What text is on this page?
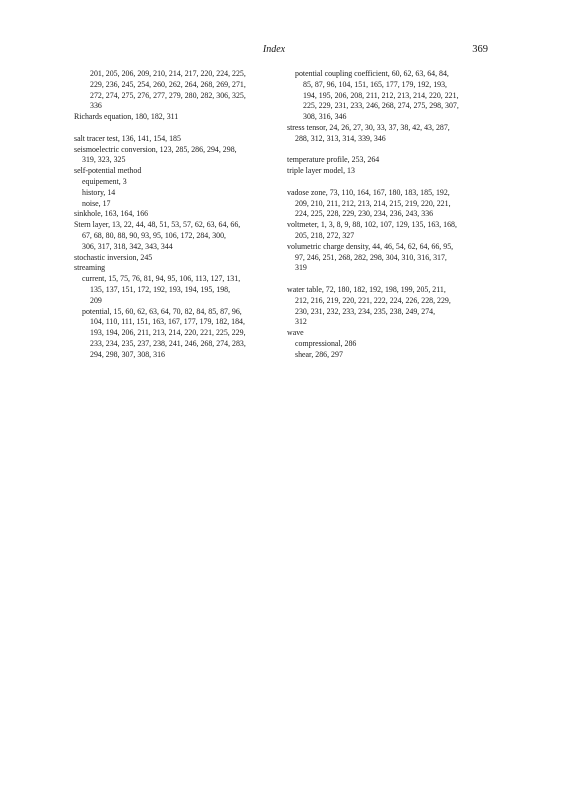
Index	369
201, 205, 206, 209, 210, 214, 217, 220, 224, 225,
229, 236, 245, 254, 260, 262, 264, 268, 269, 271,
272, 274, 275, 276, 277, 279, 280, 282, 306, 325,
336
Richards equation, 180, 182, 311
salt tracer test, 136, 141, 154, 185
seismoelectric conversion, 123, 285, 286, 294, 298,
319, 323, 325
self-potential method
equipement, 3
history, 14
noise, 17
sinkhole, 163, 164, 166
Stern layer, 13, 22, 44, 48, 51, 53, 57, 62, 63, 64, 66,
67, 68, 80, 88, 90, 93, 95, 106, 172, 284, 300,
306, 317, 318, 342, 343, 344
stochastic inversion, 245
streaming
current, 15, 75, 76, 81, 94, 95, 106, 113, 127, 131,
135, 137, 151, 172, 192, 193, 194, 195, 198,
209
potential, 15, 60, 62, 63, 64, 70, 82, 84, 85, 87, 96,
104, 110, 111, 151, 163, 167, 177, 179, 182, 184,
193, 194, 206, 211, 213, 214, 220, 221, 225, 229,
233, 234, 235, 237, 238, 241, 246, 268, 274, 283,
294, 298, 307, 308, 316
potential coupling coefficient, 60, 62, 63, 64, 84,
85, 87, 96, 104, 151, 165, 177, 179, 192, 193,
194, 195, 206, 208, 211, 212, 213, 214, 220, 221,
225, 229, 231, 233, 246, 268, 274, 275, 298, 307,
308, 316, 346
stress tensor, 24, 26, 27, 30, 33, 37, 38, 42, 43, 287,
288, 312, 313, 314, 339, 346
temperature profile, 253, 264
triple layer model, 13
vadose zone, 73, 110, 164, 167, 180, 183, 185, 192,
209, 210, 211, 212, 213, 214, 215, 219, 220, 221,
224, 225, 228, 229, 230, 234, 236, 243, 336
voltmeter, 1, 3, 8, 9, 88, 102, 107, 129, 135, 163, 168,
205, 218, 272, 327
volumetric charge density, 44, 46, 54, 62, 64, 66, 95,
97, 246, 251, 268, 282, 298, 304, 310, 316, 317,
319
water table, 72, 180, 182, 192, 198, 199, 205, 211,
212, 216, 219, 220, 221, 222, 224, 226, 228, 229,
230, 231, 232, 233, 234, 235, 238, 249, 274,
312
wave
compressional, 286
shear, 286, 297
